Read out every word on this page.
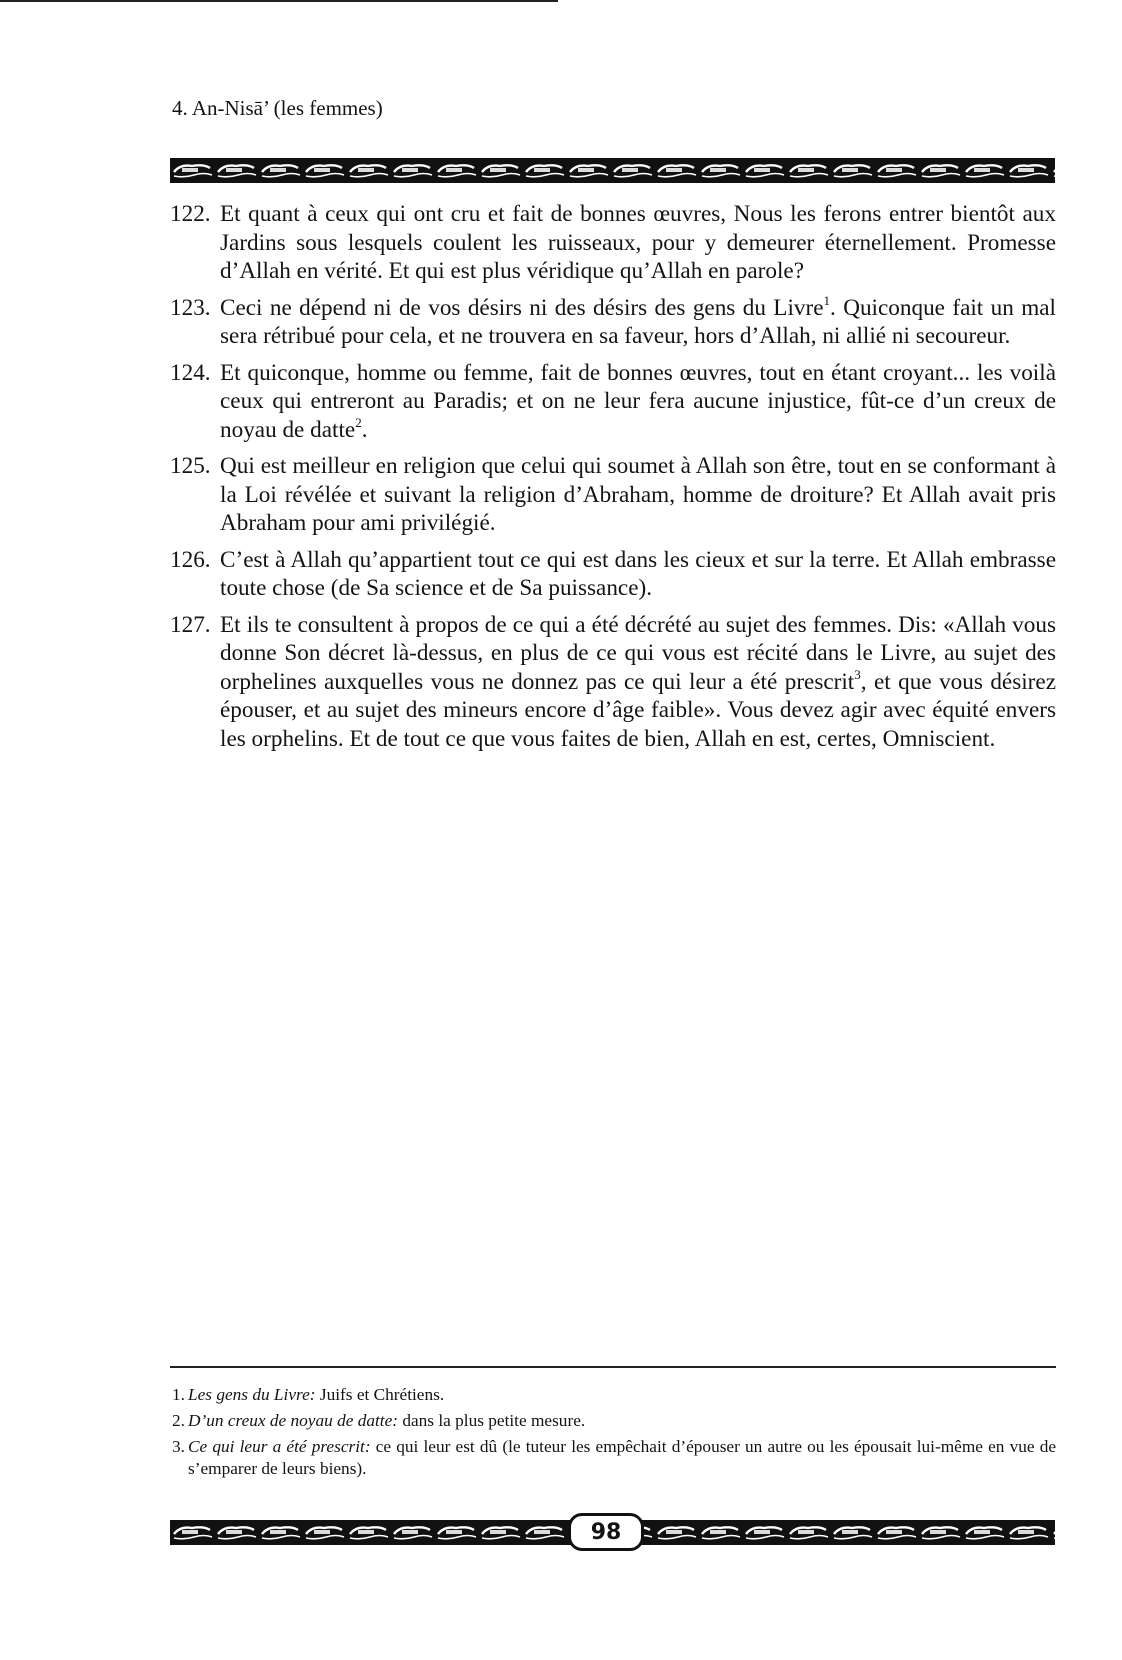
4. An-Nisā’ (les femmes)
122. Et quant à ceux qui ont cru et fait de bonnes œuvres, Nous les ferons entrer bientôt aux Jardins sous lesquels coulent les ruisseaux, pour y demeurer éternellement. Promesse d’Allah en vérité. Et qui est plus véridique qu’Allah en parole?
123. Ceci ne dépend ni de vos désirs ni des désirs des gens du Livre$^1$. Quiconque fait un mal sera rétribué pour cela, et ne trouvera en sa faveur, hors d’Allah, ni allié ni secoureur.
124. Et quiconque, homme ou femme, fait de bonnes œuvres, tout en étant croyant... les voilà ceux qui entreront au Paradis; et on ne leur fera aucune injustice, fût-ce d’un creux de noyau de datte$^2$.
125. Qui est meilleur en religion que celui qui soumet à Allah son être, tout en se conformant à la Loi révélée et suivant la religion d’Abraham, homme de droiture? Et Allah avait pris Abraham pour ami privilégié.
126. C’est à Allah qu’appartient tout ce qui est dans les cieux et sur la terre. Et Allah embrasse toute chose (de Sa science et de Sa puissance).
127. Et ils te consultent à propos de ce qui a été décrété au sujet des femmes. Dis: «Allah vous donne Son décret là-dessus, en plus de ce qui vous est récité dans le Livre, au sujet des orphelines auxquelles vous ne donnez pas ce qui leur a été prescrit$^3$, et que vous désirez épouser, et au sujet des mineurs encore d’âge faible». Vous devez agir avec équité envers les orphelins. Et de tout ce que vous faites de bien, Allah en est, certes, Omniscient.
1. Les gens du Livre: Juifs et Chrétiens.
2. D’un creux de noyau de datte: dans la plus petite mesure.
3. Ce qui leur a été prescrit: ce qui leur est dû (le tuteur les empêchait d’épouser un autre ou les épousait lui-même en vue de s’emparer de leurs biens).
98
